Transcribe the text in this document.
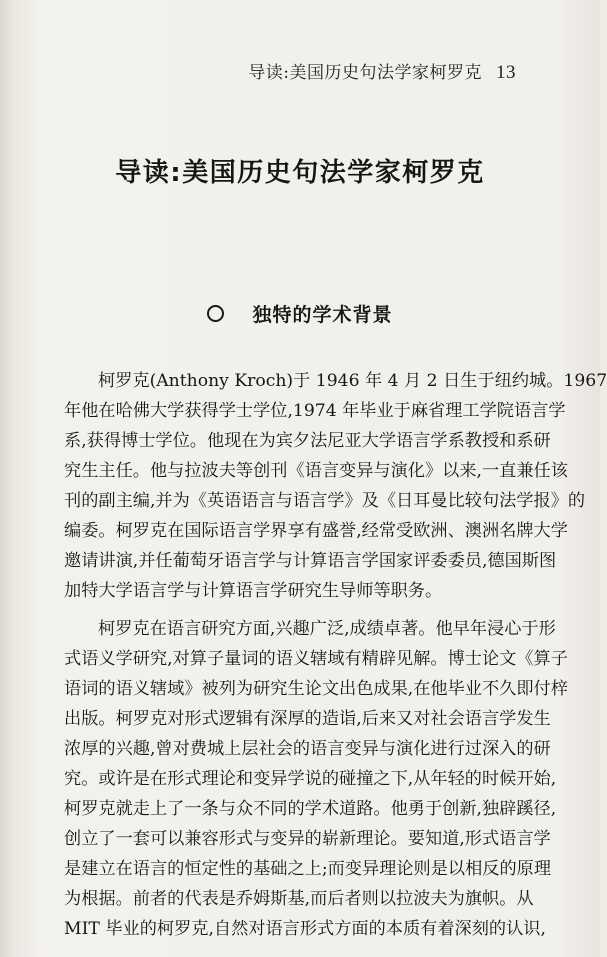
导读:美国历史句法学家柯罗克 13
导读:美国历史句法学家柯罗克
独特的学术背景

柯罗克(Anthony Kroch)于 1946 年 4 月 2 日生于纽约城。1967
年他在哈佛大学获得学士学位,1974 年毕业于麻省理工学院语言学
系,获得博士学位。他现在为宾夕法尼亚大学语言学系教授和系研
究生主任。他与拉波夫等创刊《语言变异与演化》以来,一直兼任该
刊的副主编,并为《英语语言与语言学》及《日耳曼比较句法学报》的
编委。柯罗克在国际语言学界享有盛誉,经常受欧洲、澳洲名牌大学
邀请讲演,并任葡萄牙语言学与计算语言学国家评委委员,德国斯图
加特大学语言学与计算语言学研究生导师等职务。

柯罗克在语言研究方面,兴趣广泛,成绩卓著。他早年浸心于形
式语义学研究,对算子量词的语义辖域有精辟见解。博士论文《算子
语词的语义辖域》被列为研究生论文出色成果,在他毕业不久即付梓
出版。柯罗克对形式逻辑有深厚的造诣,后来又对社会语言学发生
浓厚的兴趣,曾对费城上层社会的语言变异与演化进行过深入的研
究。或许是在形式理论和变异学说的碰撞之下,从年轻的时候开始,
柯罗克就走上了一条与众不同的学术道路。他勇于创新,独辟蹊径,
创立了一套可以兼容形式与变异的崭新理论。要知道,形式语言学
是建立在语言的恒定性的基础之上;而变异理论则是以相反的原理
为根据。前者的代表是乔姆斯基,而后者则以拉波夫为旗帜。从
MIT 毕业的柯罗克,自然对语言形式方面的本质有着深刻的认识,
